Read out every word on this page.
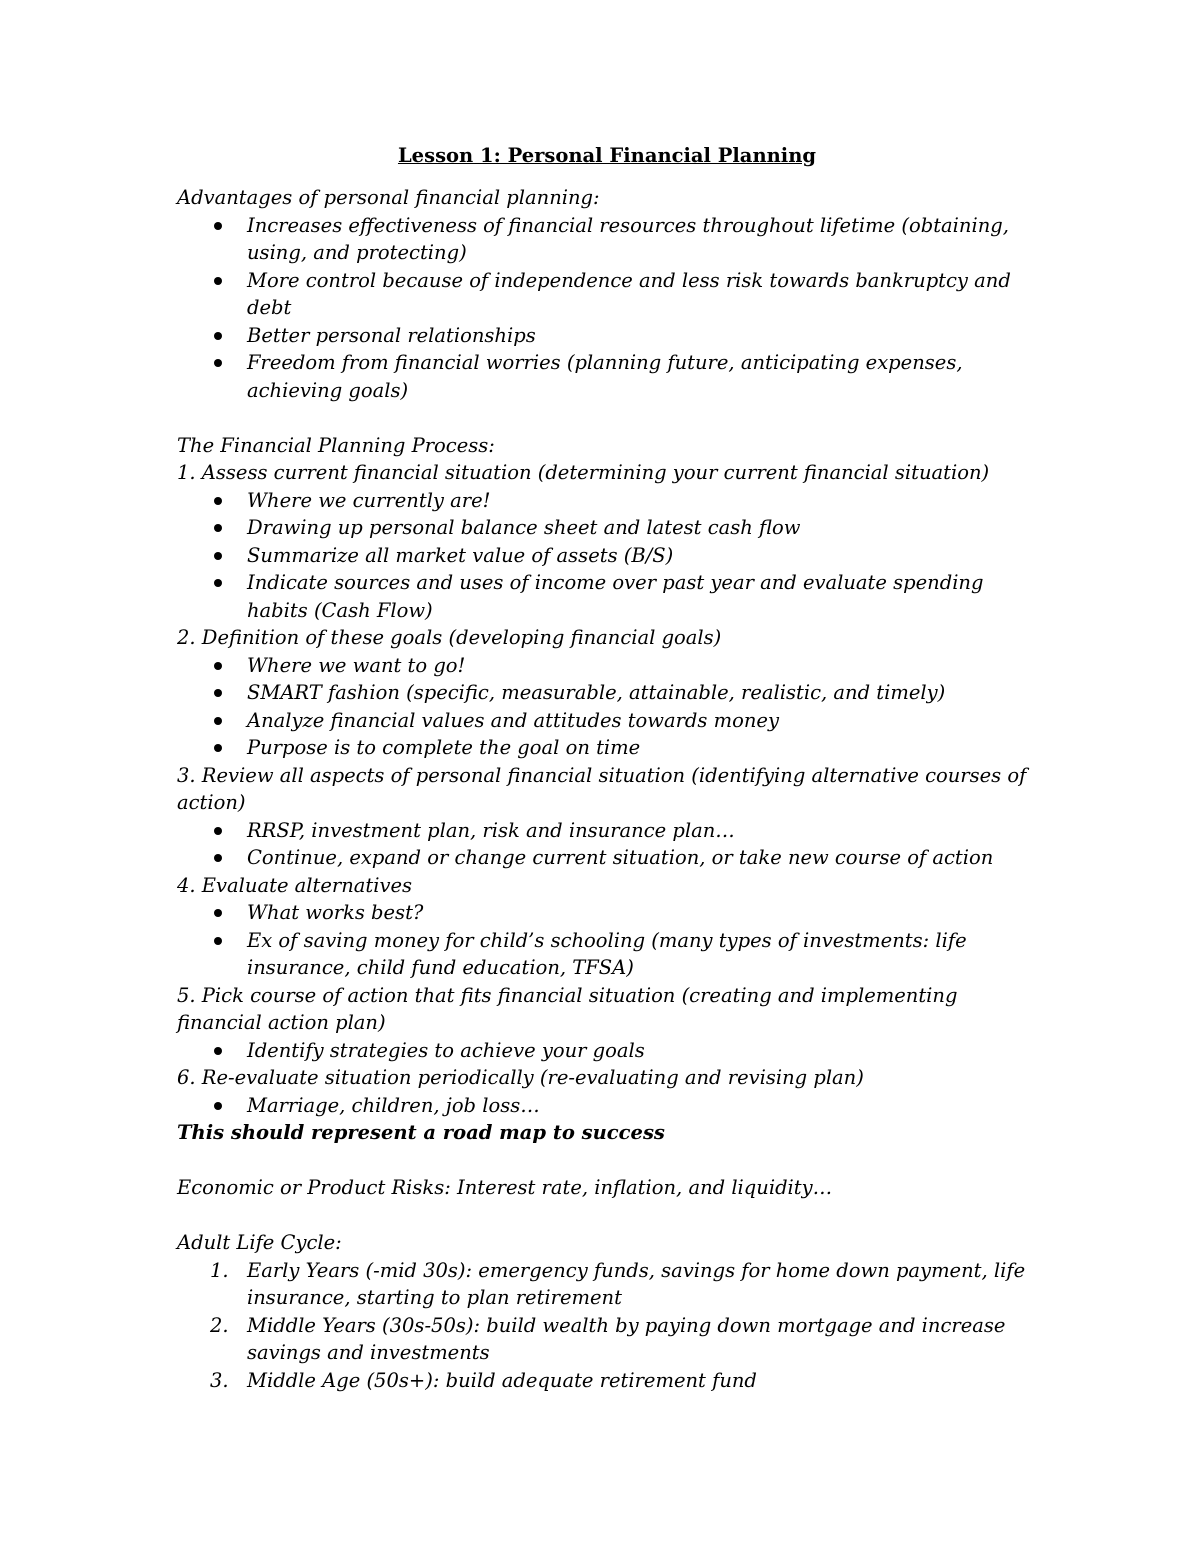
Lesson 1: Personal Financial Planning
Advantages of personal financial planning:
Increases effectiveness of financial resources throughout lifetime (obtaining,
using, and protecting)
More control because of independence and less risk towards bankruptcy and
debt
Better personal relationships
Freedom from financial worries (planning future, anticipating expenses,
achieving goals)
The Financial Planning Process:
1. Assess current financial situation (determining your current financial situation)
Where we currently are!
Drawing up personal balance sheet and latest cash flow
Summarize all market value of assets (B/S)
Indicate sources and uses of income over past year and evaluate spending
habits (Cash Flow)
2. Definition of these goals (developing financial goals)
Where we want to go!
SMART fashion (specific, measurable, attainable, realistic, and timely)
Analyze financial values and attitudes towards money
Purpose is to complete the goal on time
3. Review all aspects of personal financial situation (identifying alternative courses of
action)
RRSP, investment plan, risk and insurance plan…
Continue, expand or change current situation, or take new course of action
4. Evaluate alternatives
What works best?
Ex of saving money for child’s schooling (many types of investments: life
insurance, child fund education, TFSA)
5. Pick course of action that fits financial situation (creating and implementing
financial action plan)
Identify strategies to achieve your goals
6. Re-evaluate situation periodically (re-evaluating and revising plan)
Marriage, children, job loss…
This should represent a road map to success
Economic or Product Risks: Interest rate, inflation, and liquidity…
Adult Life Cycle:
1. Early Years (-mid 30s): emergency funds, savings for home down payment, life
insurance, starting to plan retirement
2. Middle Years (30s-50s): build wealth by paying down mortgage and increase
savings and investments
3. Middle Age (50s+): build adequate retirement fund
